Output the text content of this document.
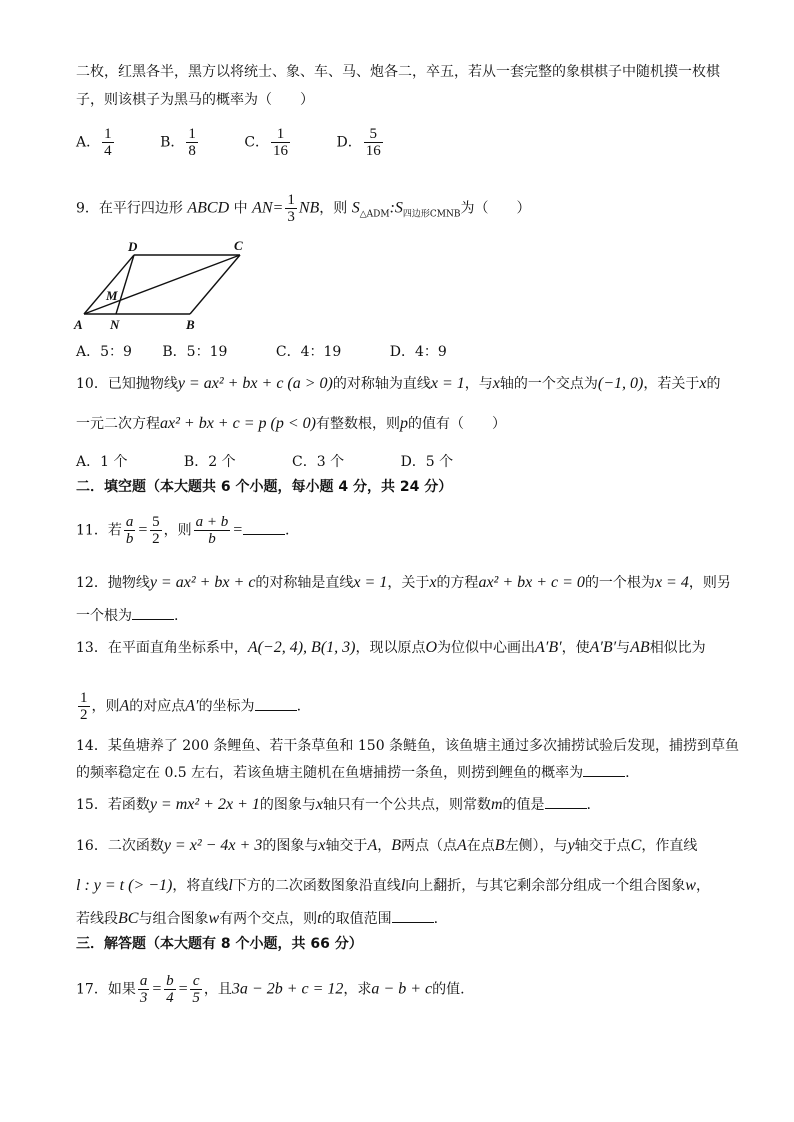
二枚，红黑各半，黑方以将统士、象、车、马、炮各二，卒五，若从一套完整的象棋棋子中随机摸一枚棋
子，则该棋子为黑马的概率为（　　）
A． $\frac{1}{4}$	B． $\frac{1}{8}$	C． $\frac{1}{16}$	D． $\frac{5}{16}$
9．在平行四边形 ABCD 中 $AN= \frac{1}{3}$ NB，则 $S_{\triangle ADM}:S_{四边形CMNB}$为（　　）
D	C
M
A N	B
A．5：9 B．5：19	C．4：19	D．4：9
10．已知抛物线y = ax² + bx + c (a > 0)的对称轴为直线x = 1，与x轴的一个交点为(−1, 0)，若关于x的
一元二次方程ax² + bx + c = p (p < 0)有整数根，则p的值有（　　）
A．1 个	B．2 个	C．3 个	D．5 个
二．填空题（本大题共 6 个小题，每小题 4 分，共 24 分）
11．若 $\frac{a}{b} = \frac{5}{2}$ ，则 $\frac{a + b}{b}$ =	.
12．抛物线y = ax² + bx + c的对称轴是直线x = 1，关于x的方程ax² + bx + c = 0的一个根为x = 4，则另
一个根为	.
13．在平面直角坐标系中，A(−2, 4), B(1, 3)，现以原点O为位似中心画出A′B′，使A′B′与AB相似比为
$\frac{1}{2}$ ，则A的对应点A′的坐标为	.
14．某鱼塘养了 200 条鲤鱼、若干条草鱼和 150 条鲢鱼，该鱼塘主通过多次捕捞试验后发现，捕捞到草鱼
的频率稳定在 0.5 左右，若该鱼塘主随机在鱼塘捕捞一条鱼，则捞到鲤鱼的概率为	.
15．若函数y = mx² + 2x + 1的图象与x轴只有一个公共点，则常数m的值是	.
16．二次函数y = x² − 4x + 3的图象与x轴交于A，B两点（点A在点B左侧），与y轴交于点C，作直线
l : y = t (> −1)，将直线l下方的二次函数图象沿直线l向上翻折，与其它剩余部分组成一个组合图象w，
若线段BC与组合图象w有两个交点，则t的取值范围	.
三．解答题（本大题有 8 个小题，共 66 分）
17．如果 $\frac{a}{3} = \frac{b}{4} = \frac{c}{5}$ ，且3a − 2b + c = 12，求a − b + c的值.
